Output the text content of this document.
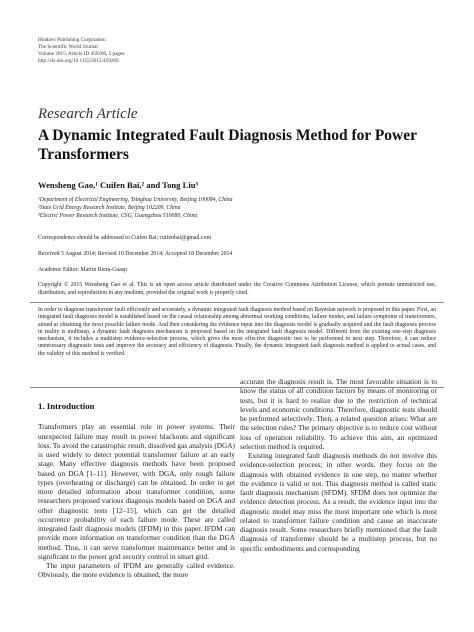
Hindawi Publishing Corporation
The Scientific World Journal
Volume 2015, Article ID 459260, 5 pages
http://dx.doi.org/10.1155/2015/459260
Research Article
A Dynamic Integrated Fault Diagnosis Method for Power Transformers
Wensheng Gao,¹ Cuifen Bai,² and Tong Liu³
¹Department of Electrical Engineering, Tsinghua University, Beijing 100084, China
²State Grid Energy Research Institute, Beijing 102209, China
³Electric Power Research Institute, CSG, Guangzhou 510080, China
Correspondence should be addressed to Cuifen Bai; cuifenbai@gmail.com
Received 5 August 2014; Revised 10 December 2014; Accepted 18 December 2014
Academic Editor: Martin Riera-Guasp
Copyright © 2015 Wensheng Gao et al. This is an open access article distributed under the Creative Commons Attribution License, which permits unrestricted use, distribution, and reproduction in any medium, provided the original work is properly cited.
In order to diagnose transformer fault efficiently and accurately, a dynamic integrated fault diagnosis method based on Bayesian network is proposed in this paper. First, an integrated fault diagnosis model is established based on the causal relationship among abnormal working conditions, failure modes, and failure symptoms of transformers, aimed at obtaining the most possible failure mode. And then considering the evidence input into the diagnosis model is gradually acquired and the fault diagnosis process in reality is multistep, a dynamic fault diagnosis mechanism is proposed based on the integrated fault diagnosis model. Different from the existing one-step diagnosis mechanism, it includes a multistep evidence-selection process, which gives the most effective diagnostic test to be performed in next step. Therefore, it can reduce unnecessary diagnostic tests and improve the accuracy and efficiency of diagnosis. Finally, the dynamic integrated fault diagnosis method is applied to actual cases, and the validity of this method is verified.
1. Introduction

Transformers play an essential role in power systems. Their unexpected failure may result in power blackouts and significant loss. To avoid the catastrophic result, dissolved gas analysis (DGA) is used widely to detect potential transformer failure at an early stage. Many effective diagnosis methods have been proposed based on DGA [1–11]. However, with DGA, only rough failure types (overheating or discharge) can be obtained. In order to get more detailed information about transformer condition, some researchers proposed various diagnosis models based on DGA and other diagnostic tests [12–15], which can get the detailed occurrence probability of each failure mode. These are called integrated fault diagnosis models (IFDM) in this paper. IFDM can provide more information on transformer condition than the DGA method. Thus, it can serve transformer maintenance better and is significant to the power grid security control in smart grid.

The input parameters of IFDM are generally called evidence. Obviously, the more evidence is obtained, the more

accurate the diagnosis result is. The most favorable situation is to know the status of all condition factors by means of monitoring or tests, but it is hard to realize due to the restriction of technical levels and economic conditions. Therefore, diagnostic tests should be performed selectively. Then, a related question arises: What are the selection rules? The primary objective is to reduce cost without loss of operation reliability. To achieve this aim, an optimized selection method is required.

Existing integrated fault diagnosis methods do not involve this evidence-selection process; in other words, they focus on the diagnosis with obtained evidence in one step, no matter whether the evidence is valid or not. This diagnosis method is called static fault diagnosis mechanism (SFDM). SFDM does not optimize the evidence detection process. As a result, the evidence input into the diagnostic model may miss the most important one which is most related to transformer failure condition and cause an inaccurate diagnosis result. Some researchers briefly mentioned that the fault diagnosis of transformer should be a multistep process, but no specific embodiments and corresponding
